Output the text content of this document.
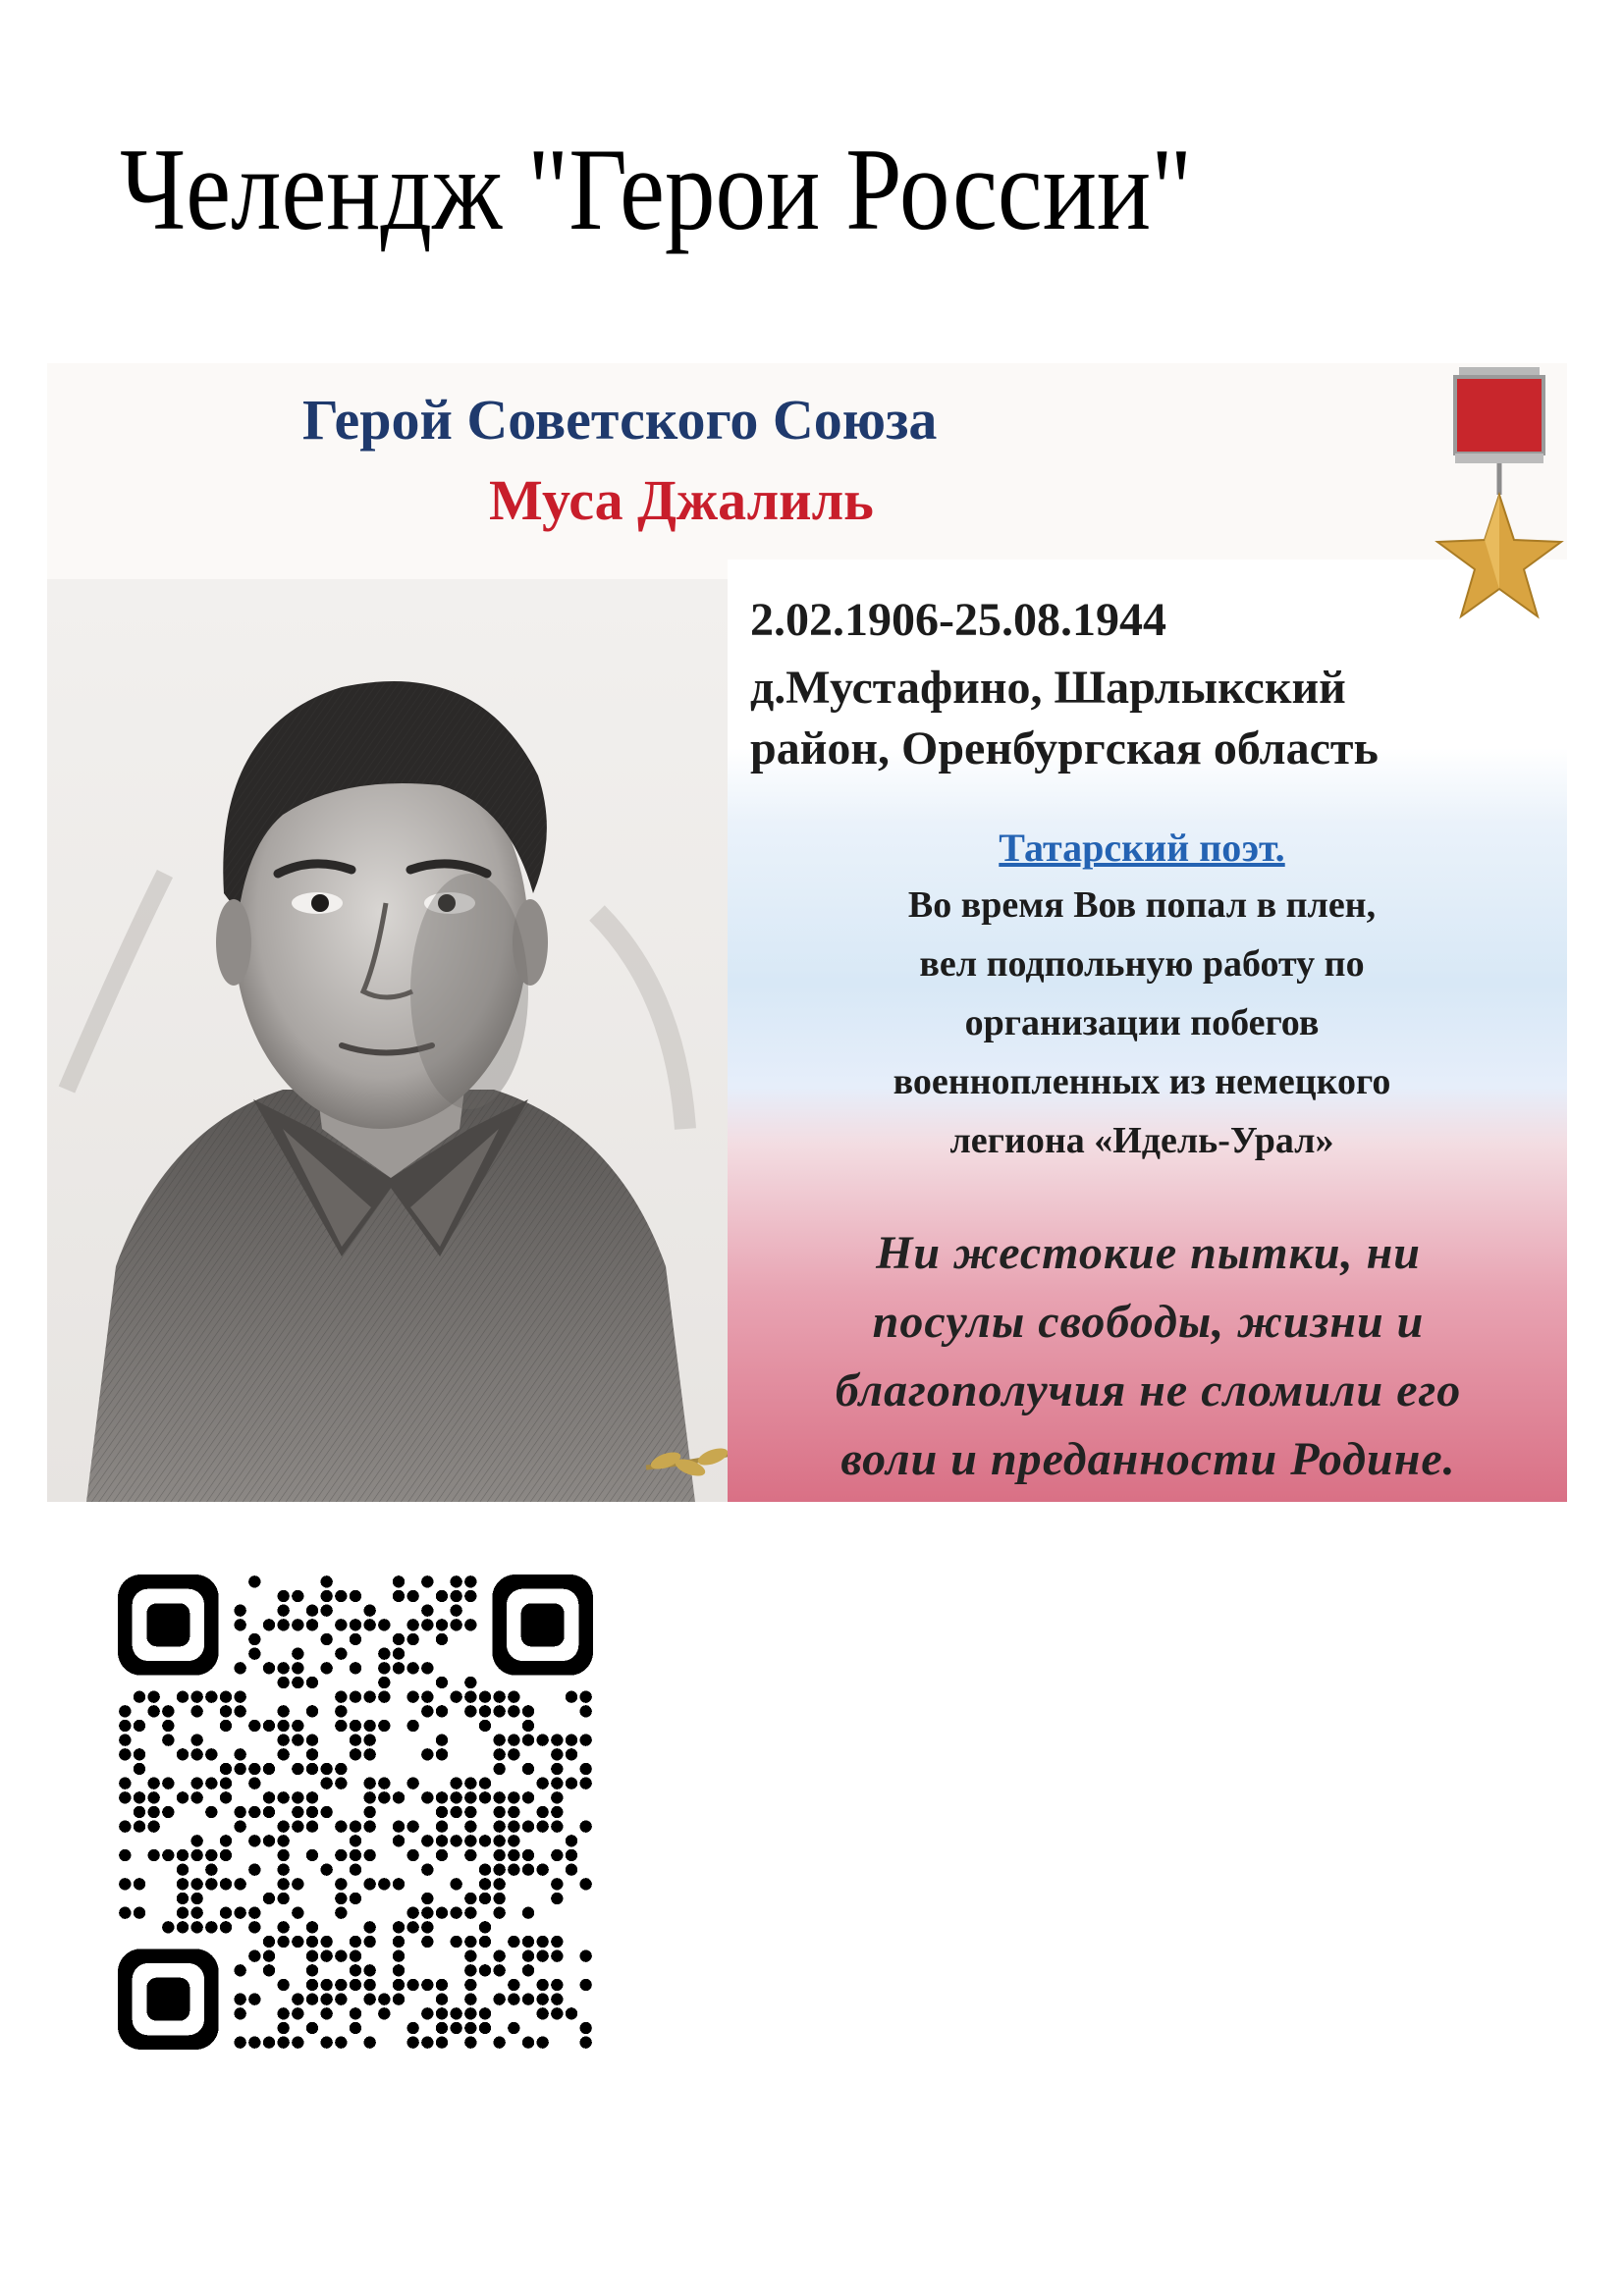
Челендж "Герои России"
Герой Советского Союза
Муса Джалиль
2.02.1906-25.08.1944
д.Мустафино, Шарлыкский
район, Оренбургская область
Татарский поэт.
Во время Вов попал в плен,
вел подпольную работу по
организации побегов
военнопленных из немецкого
легиона «Идель-Урал»
Ни жестокие пытки, ни
посулы свободы, жизни и
благополучия не сломили его
воли и преданности Родине.
